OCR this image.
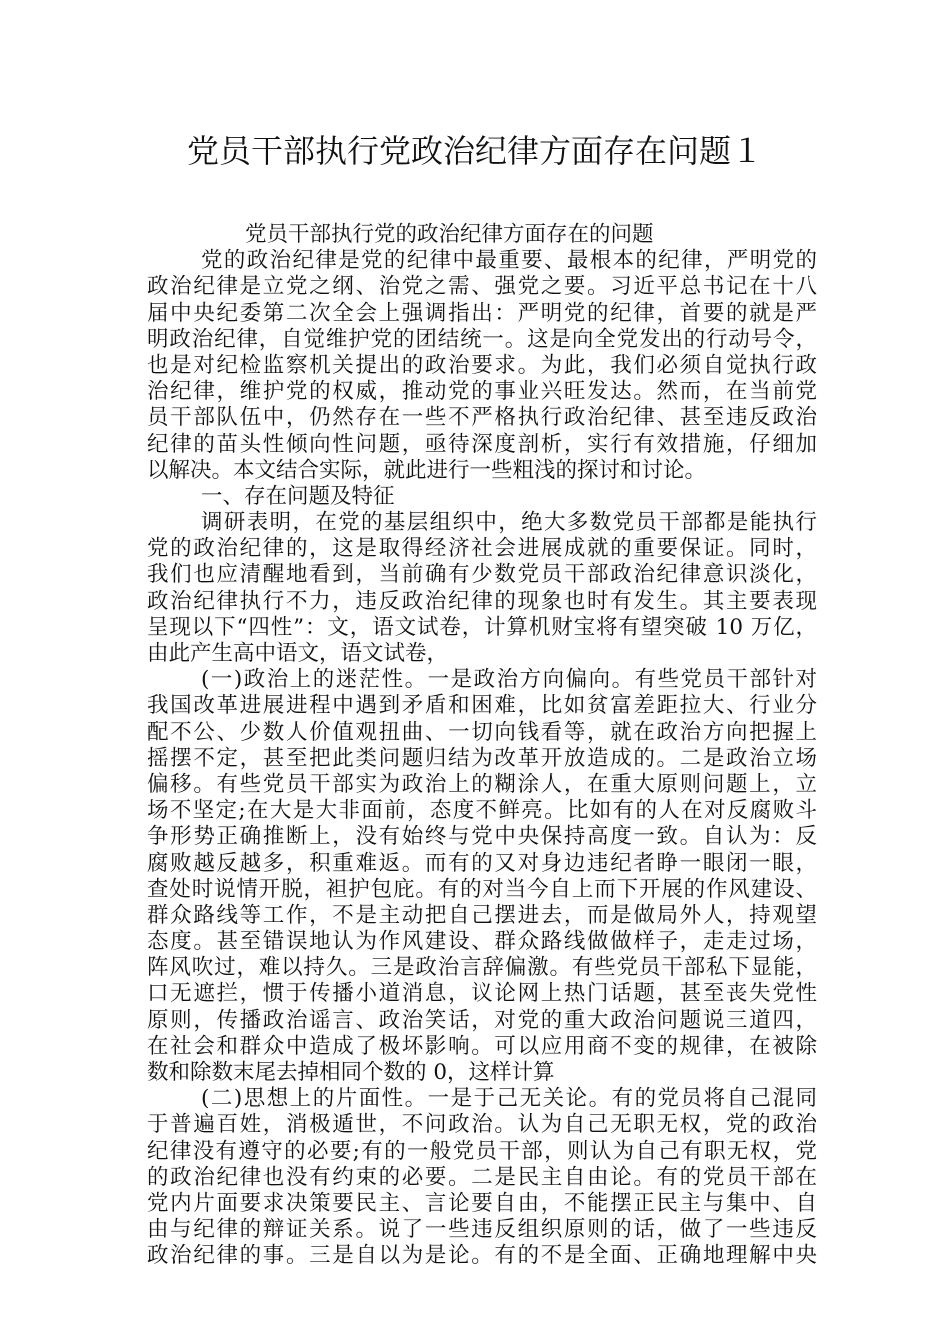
党员干部执行党政治纪律方面存在问题１
党员干部执行党的政治纪律方面存在的问题
党的政治纪律是党的纪律中最重要、最根本的纪律，严明党的
政治纪律是立党之纲、治党之需、强党之要。习近平总书记在十八
届中央纪委第二次全会上强调指出：严明党的纪律，首要的就是严
明政治纪律，自觉维护党的团结统一。这是向全党发出的行动号令，
也是对纪检监察机关提出的政治要求。为此，我们必须自觉执行政
治纪律，维护党的权威，推动党的事业兴旺发达。然而，在当前党
员干部队伍中，仍然存在一些不严格执行政治纪律、甚至违反政治
纪律的苗头性倾向性问题，亟待深度剖析，实行有效措施，仔细加
以解决。本文结合实际，就此进行一些粗浅的探讨和讨论。
一、存在问题及特征
调研表明，在党的基层组织中，绝大多数党员干部都是能执行
党的政治纪律的，这是取得经济社会进展成就的重要保证。同时，
我们也应清醒地看到，当前确有少数党员干部政治纪律意识淡化，
政治纪律执行不力，违反政治纪律的现象也时有发生。其主要表现
呈现以下“四性”：文，语文试卷，计算机财宝将有望突破 10 万亿，
由此产生高中语文，语文试卷，
(一)政治上的迷茫性。一是政治方向偏向。有些党员干部针对
我国改革进展进程中遇到矛盾和困难，比如贫富差距拉大、行业分
配不公、少数人价值观扭曲、一切向钱看等，就在政治方向把握上
摇摆不定，甚至把此类问题归结为改革开放造成的。二是政治立场
偏移。有些党员干部实为政治上的糊涂人，在重大原则问题上，立
场不坚定;在大是大非面前，态度不鲜亮。比如有的人在对反腐败斗
争形势正确推断上，没有始终与党中央保持高度一致。自认为：反
腐败越反越多，积重难返。而有的又对身边违纪者睁一眼闭一眼，
查处时说情开脱，袒护包庇。有的对当今自上而下开展的作风建设、
群众路线等工作，不是主动把自己摆进去，而是做局外人，持观望
态度。甚至错误地认为作风建设、群众路线做做样子，走走过场，
阵风吹过，难以持久。三是政治言辞偏激。有些党员干部私下显能，
口无遮拦，惯于传播小道消息，议论网上热门话题，甚至丧失党性
原则，传播政治谣言、政治笑话，对党的重大政治问题说三道四，
在社会和群众中造成了极坏影响。可以应用商不变的规律，在被除
数和除数末尾去掉相同个数的 0，这样计算
(二)思想上的片面性。一是于己无关论。有的党员将自己混同
于普遍百姓，消极遁世，不问政治。认为自己无职无权，党的政治
纪律没有遵守的必要;有的一般党员干部，则认为自己有职无权，党
的政治纪律也没有约束的必要。二是民主自由论。有的党员干部在
党内片面要求决策要民主、言论要自由，不能摆正民主与集中、自
由与纪律的辩证关系。说了一些违反组织原则的话，做了一些违反
政治纪律的事。三是自以为是论。有的不是全面、正确地理解中央
